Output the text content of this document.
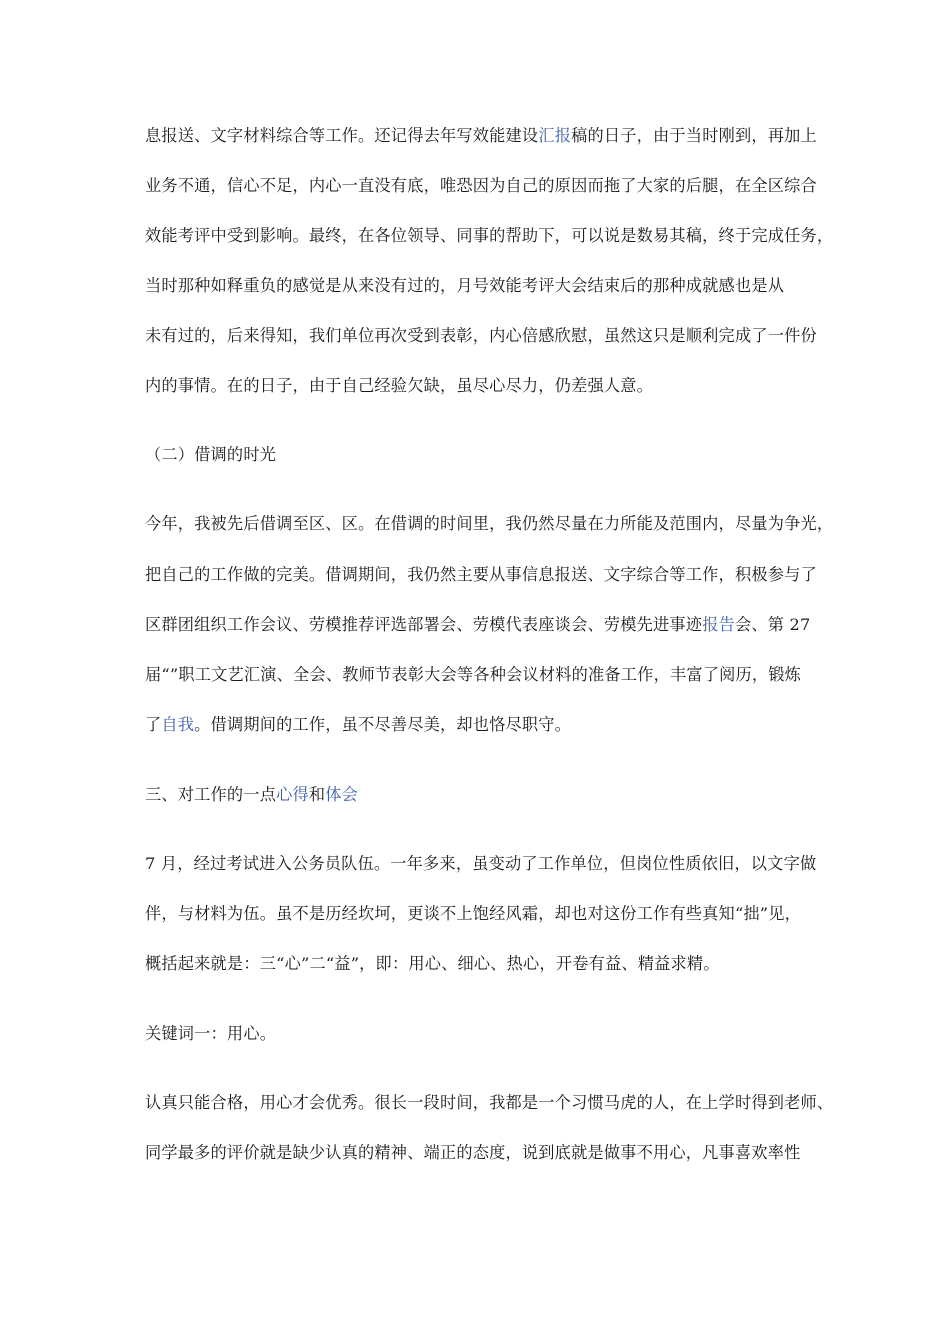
息报送、文字材料综合等工作。还记得去年写效能建设汇报稿的日子，由于当时刚到，再加上
业务不通，信心不足，内心一直没有底，唯恐因为自己的原因而拖了大家的后腿，在全区综合
效能考评中受到影响。最终，在各位领导、同事的帮助下，可以说是数易其稿，终于完成任务，
当时那种如释重负的感觉是从来没有过的，月号效能考评大会结束后的那种成就感也是从
未有过的，后来得知，我们单位再次受到表彰，内心倍感欣慰，虽然这只是顺利完成了一件份
内的事情。在的日子，由于自己经验欠缺，虽尽心尽力，仍差强人意。
（二）借调的时光
今年，我被先后借调至区、区。在借调的时间里，我仍然尽量在力所能及范围内，尽量为争光，
把自己的工作做的完美。借调期间，我仍然主要从事信息报送、文字综合等工作，积极参与了
区群团组织工作会议、劳模推荐评选部署会、劳模代表座谈会、劳模先进事迹报告会、第 27
届“”职工文艺汇演、全会、教师节表彰大会等各种会议材料的准备工作，丰富了阅历，锻炼
了自我。借调期间的工作，虽不尽善尽美，却也恪尽职守。
三、对工作的一点心得和体会
7 月，经过考试进入公务员队伍。一年多来，虽变动了工作单位，但岗位性质依旧，以文字做
伴，与材料为伍。虽不是历经坎坷，更谈不上饱经风霜，却也对这份工作有些真知“拙”见，
概括起来就是：三“心”二“益”，即：用心、细心、热心，开卷有益、精益求精。
关键词一：用心。
认真只能合格，用心才会优秀。很长一段时间，我都是一个习惯马虎的人，在上学时得到老师、
同学最多的评价就是缺少认真的精神、端正的态度，说到底就是做事不用心，凡事喜欢率性
